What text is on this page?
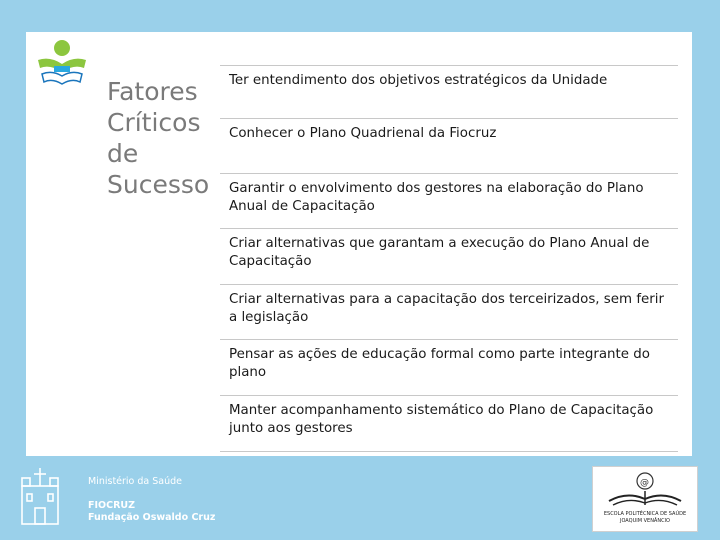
Fatores
Críticos
de
Sucesso
Ter entendimento dos objetivos estratégicos da Unidade
Conhecer o Plano Quadrienal da Fiocruz
Garantir o envolvimento dos gestores na elaboração do Plano Anual de Capacitação
Criar alternativas que garantam a execução do Plano Anual de Capacitação
Criar alternativas para a capacitação dos terceirizados, sem ferir a legislação
Pensar as ações de educação formal como parte integrante do plano
Manter acompanhamento sistemático do Plano de Capacitação junto aos gestores
Ministério da Saúde
FIOCRUZ
Fundação Oswaldo Cruz
@
ESCOLA POLITÉCNICA DE SAÚDE
JOAQUIM VENÂNCIO
